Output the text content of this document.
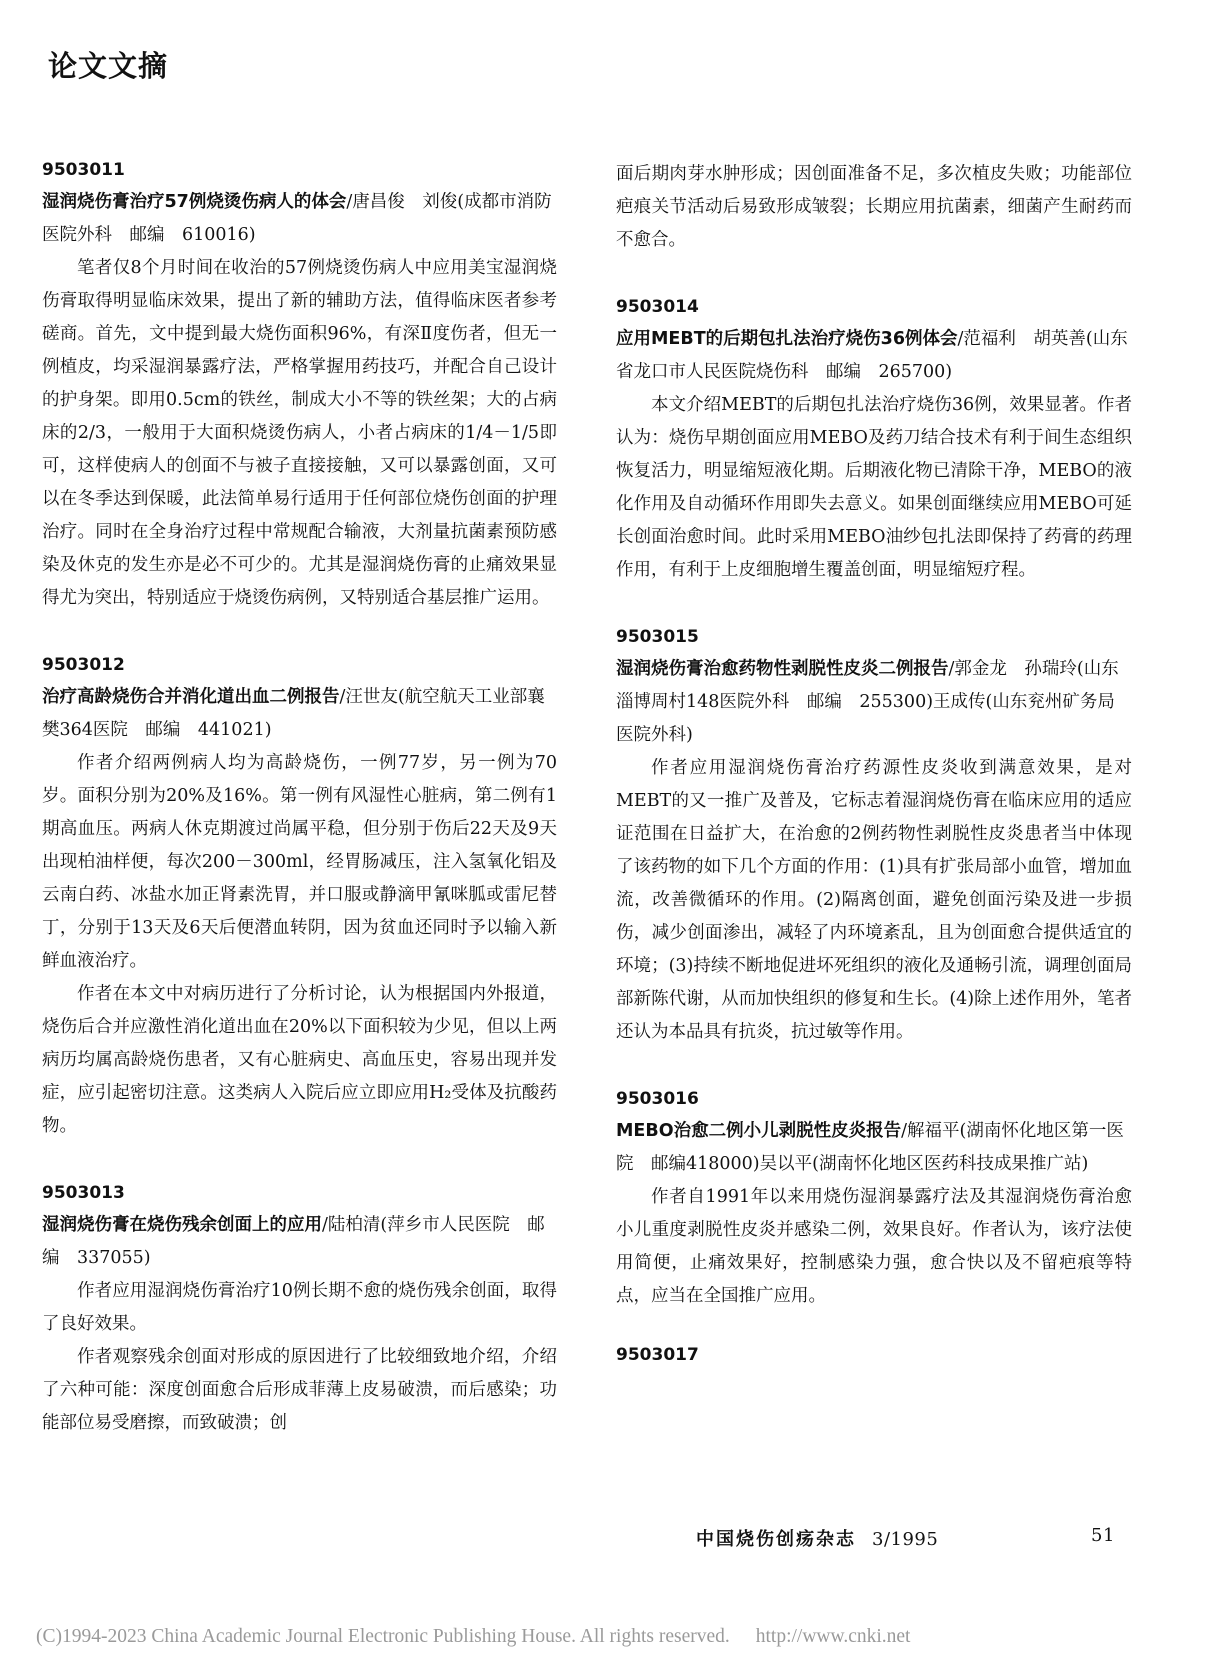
论文文摘
9503011
湿润烧伤膏治疗57例烧烫伤病人的体会/唐昌俊　刘俊(成都市消防医院外科　邮编　610016)

笔者仅8个月时间在收治的57例烧烫伤病人中应用美宝湿润烧伤膏取得明显临床效果，提出了新的辅助方法，值得临床医者参考磋商。首先，文中提到最大烧伤面积96%，有深Ⅱ度伤者，但无一例植皮，均采湿润暴露疗法，严格掌握用药技巧，并配合自己设计的护身架。即用0.5cm的铁丝，制成大小不等的铁丝架；大的占病床的2/3，一般用于大面积烧烫伤病人，小者占病床的1/4－1/5即可，这样使病人的创面不与被子直接接触，又可以暴露创面，又可以在冬季达到保暖，此法简单易行适用于任何部位烧伤创面的护理治疗。同时在全身治疗过程中常规配合输液，大剂量抗菌素预防感染及休克的发生亦是必不可少的。尤其是湿润烧伤膏的止痛效果显得尤为突出，特别适应于烧烫伤病例，又特别适合基层推广运用。

9503012
治疗高龄烧伤合并消化道出血二例报告/汪世友(航空航天工业部襄樊364医院　邮编　441021)

作者介绍两例病人均为高龄烧伤，一例77岁，另一例为70岁。面积分别为20%及16%。第一例有风湿性心脏病，第二例有1期高血压。两病人休克期渡过尚属平稳，但分别于伤后22天及9天出现柏油样便，每次200－300ml，经胃肠减压，注入氢氧化铝及云南白药、冰盐水加正肾素洗胃，并口服或静滴甲氰咪胍或雷尼替丁，分别于13天及6天后便潜血转阴，因为贫血还同时予以输入新鲜血液治疗。

作者在本文中对病历进行了分析讨论，认为根据国内外报道，烧伤后合并应激性消化道出血在20%以下面积较为少见，但以上两病历均属高龄烧伤患者，又有心脏病史、高血压史，容易出现并发症，应引起密切注意。这类病人入院后应立即应用H₂受体及抗酸药物。

9503013
湿润烧伤膏在烧伤残余创面上的应用/陆柏清(萍乡市人民医院　邮编　337055)

作者应用湿润烧伤膏治疗10例长期不愈的烧伤残余创面，取得了良好效果。

作者观察残余创面对形成的原因进行了比较细致地介绍，介绍了六种可能：深度创面愈合后形成菲薄上皮易破溃，而后感染；功能部位易受磨擦，而致破溃；创

面后期肉芽水肿形成；因创面准备不足，多次植皮失败；功能部位疤痕关节活动后易致形成皱裂；长期应用抗菌素，细菌产生耐药而不愈合。

9503014
应用MEBT的后期包扎法治疗烧伤36例体会/范福利　胡英善(山东省龙口市人民医院烧伤科　邮编　265700)

本文介绍MEBT的后期包扎法治疗烧伤36例，效果显著。作者认为：烧伤早期创面应用MEBO及药刀结合技术有利于间生态组织恢复活力，明显缩短液化期。后期液化物已清除干净，MEBO的液化作用及自动循环作用即失去意义。如果创面继续应用MEBO可延长创面治愈时间。此时采用MEBO油纱包扎法即保持了药膏的药理作用，有利于上皮细胞增生覆盖创面，明显缩短疗程。

9503015
湿润烧伤膏治愈药物性剥脱性皮炎二例报告/郭金龙　孙瑞玲(山东淄博周村148医院外科　邮编　255300)王成传(山东兖州矿务局医院外科)

作者应用湿润烧伤膏治疗药源性皮炎收到满意效果，是对MEBT的又一推广及普及，它标志着湿润烧伤膏在临床应用的适应证范围在日益扩大，在治愈的2例药物性剥脱性皮炎患者当中体现了该药物的如下几个方面的作用：(1)具有扩张局部小血管，增加血流，改善微循环的作用。(2)隔离创面，避免创面污染及进一步损伤，减少创面渗出，减轻了内环境紊乱，且为创面愈合提供适宜的环境；(3)持续不断地促进坏死组织的液化及通畅引流，调理创面局部新陈代谢，从而加快组织的修复和生长。(4)除上述作用外，笔者还认为本品具有抗炎，抗过敏等作用。

9503016
MEBO治愈二例小儿剥脱性皮炎报告/解福平(湖南怀化地区第一医院　邮编418000)吴以平(湖南怀化地区医药科技成果推广站)

作者自1991年以来用烧伤湿润暴露疗法及其湿润烧伤膏治愈小儿重度剥脱性皮炎并感染二例，效果良好。作者认为，该疗法使用简便，止痛效果好，控制感染力强，愈合快以及不留疤痕等特点，应当在全国推广应用。

9503017
中国烧伤创疡杂志 3/1995	51
(C)1994-2023 China Academic Journal Electronic Publishing House. All rights reserved. http://www.cnki.net
